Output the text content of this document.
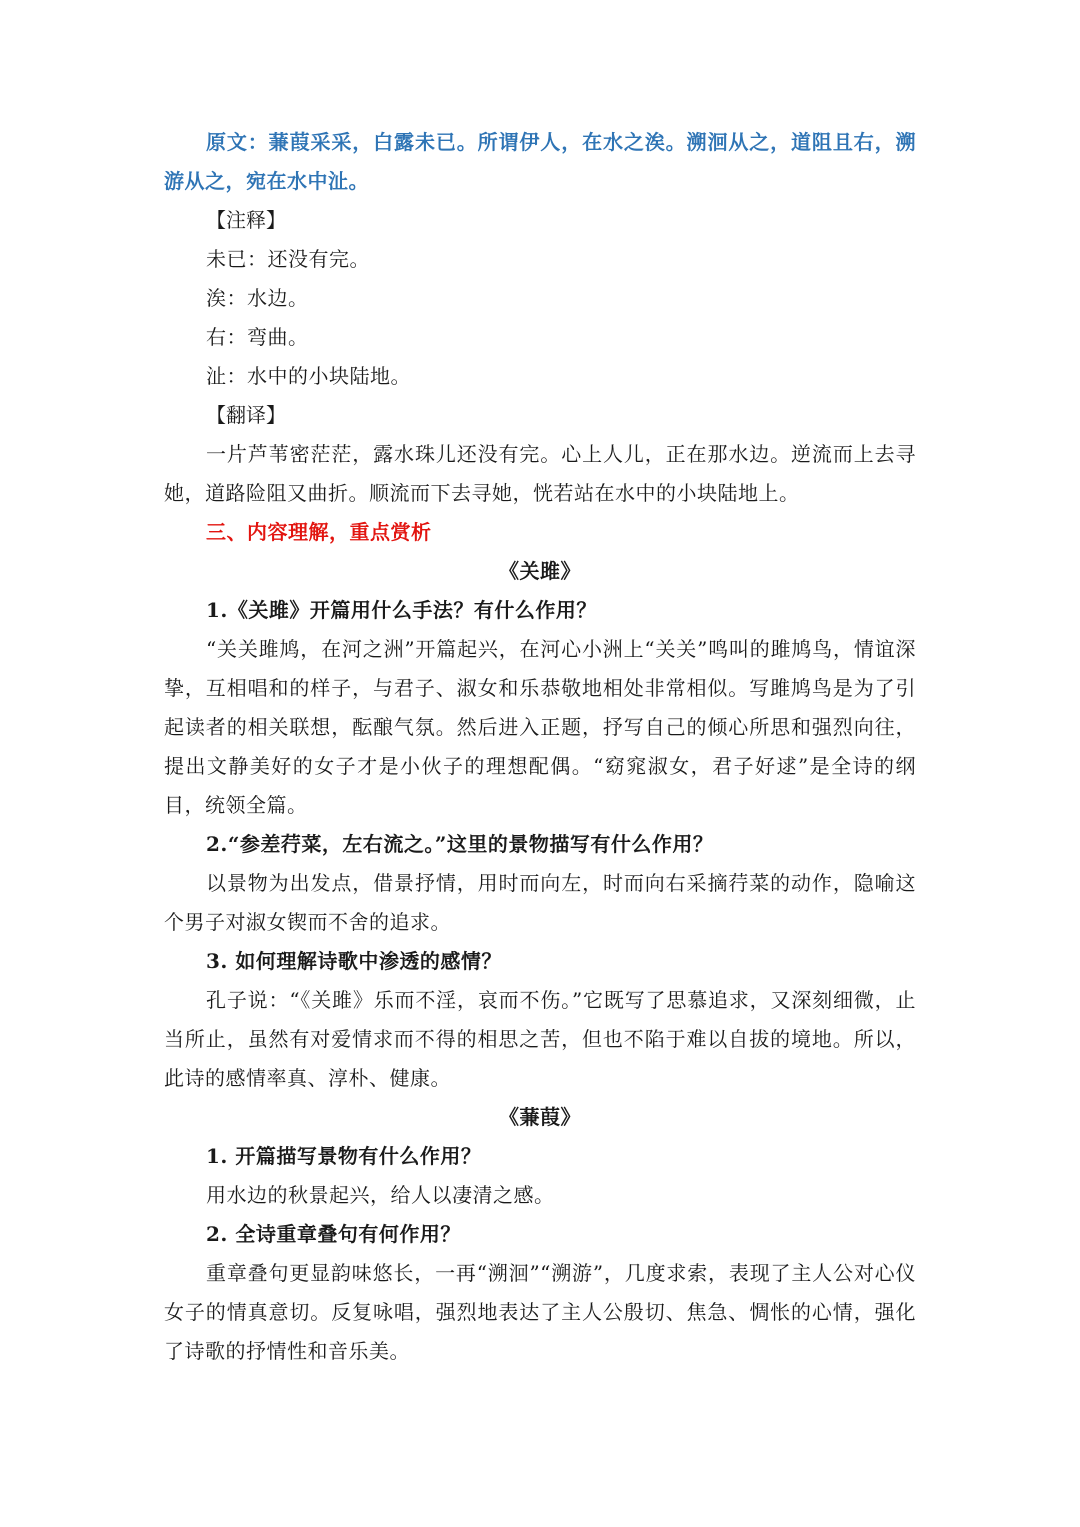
原文：蒹葭采采，白露未已。所谓伊人，在水之涘。溯洄从之，道阻且右，溯游从之，宛在水中沚。

【注释】

未已：还没有完。

涘：水边。

右：弯曲。

沚：水中的小块陆地。

【翻译】

一片芦苇密茫茫，露水珠儿还没有完。心上人儿，正在那水边。逆流而上去寻她，道路险阻又曲折。顺流而下去寻她，恍若站在水中的小块陆地上。

三、内容理解，重点赏析

《关雎》

1.《关雎》开篇用什么手法？有什么作用？

“关关雎鸠，在河之洲”开篇起兴，在河心小洲上“关关”鸣叫的雎鸠鸟，情谊深挚，互相唱和的样子，与君子、淑女和乐恭敬地相处非常相似。写雎鸠鸟是为了引起读者的相关联想，酝酿气氛。然后进入正题，抒写自己的倾心所思和强烈向往，提出文静美好的女子才是小伙子的理想配偶。“窈窕淑女，君子好逑”是全诗的纲目，统领全篇。

2.“参差荇菜，左右流之。”这里的景物描写有什么作用？

以景物为出发点，借景抒情，用时而向左，时而向右采摘荇菜的动作，隐喻这个男子对淑女锲而不舍的追求。

3. 如何理解诗歌中渗透的感情？

孔子说：“《关雎》乐而不淫，哀而不伤。”它既写了思慕追求，又深刻细微，止当所止，虽然有对爱情求而不得的相思之苦，但也不陷于难以自拔的境地。所以，此诗的感情率真、淳朴、健康。

《蒹葭》

1. 开篇描写景物有什么作用？

用水边的秋景起兴，给人以凄清之感。

2. 全诗重章叠句有何作用？

重章叠句更显韵味悠长，一再“溯洄”“溯游”，几度求索，表现了主人公对心仪女子的情真意切。反复咏唱，强烈地表达了主人公殷切、焦急、惆怅的心情，强化了诗歌的抒情性和音乐美。
